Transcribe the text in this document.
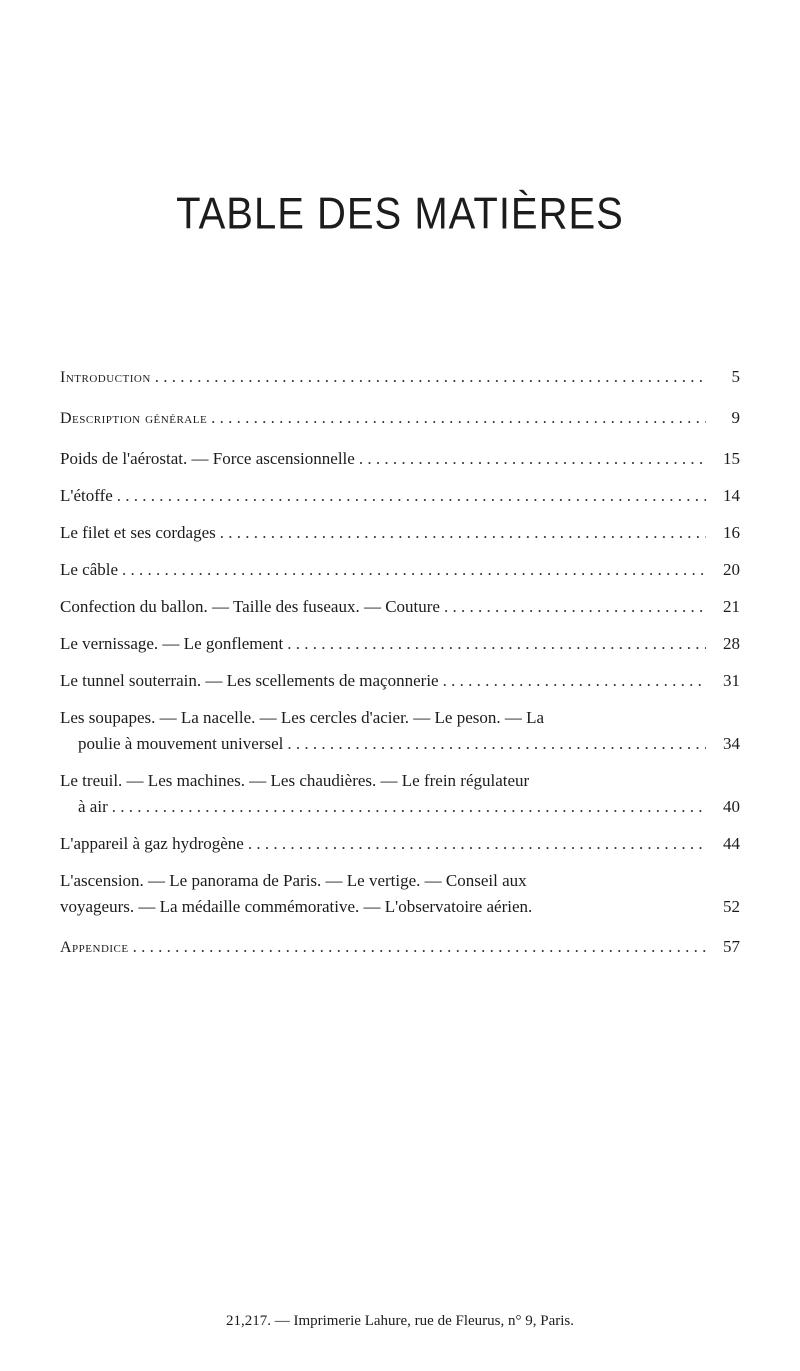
TABLE DES MATIÈRES
Introduction . . .	5
Description générale . . .	9
Poids de l'aérostat. — Force ascensionnelle . . .	15
L'étoffe . . .	14
Le filet et ses cordages . . .	16
Le câble . . .	20
Confection du ballon. — Taille des fuseaux. — Couture . . .	21
Le vernissage. — Le gonflement . . .	28
Le tunnel souterrain. — Les scellements de maçonnerie . . .	31
Les soupapes. — La nacelle. — Les cercles d'acier. — Le peson. — La
poulie à mouvement universel . . .	34
Le treuil. — Les machines. — Les chaudières. — Le frein régulateur
à air . . .	40
L'appareil à gaz hydrogène . . .	44
L'ascension. — Le panorama de Paris. — Le vertige. — Conseil aux
voyageurs. — La médaille commémorative. — L'observatoire aérien.	52
Appendice . . .	57
21,217. — Imprimerie Lahure, rue de Fleurus, n° 9, Paris.
